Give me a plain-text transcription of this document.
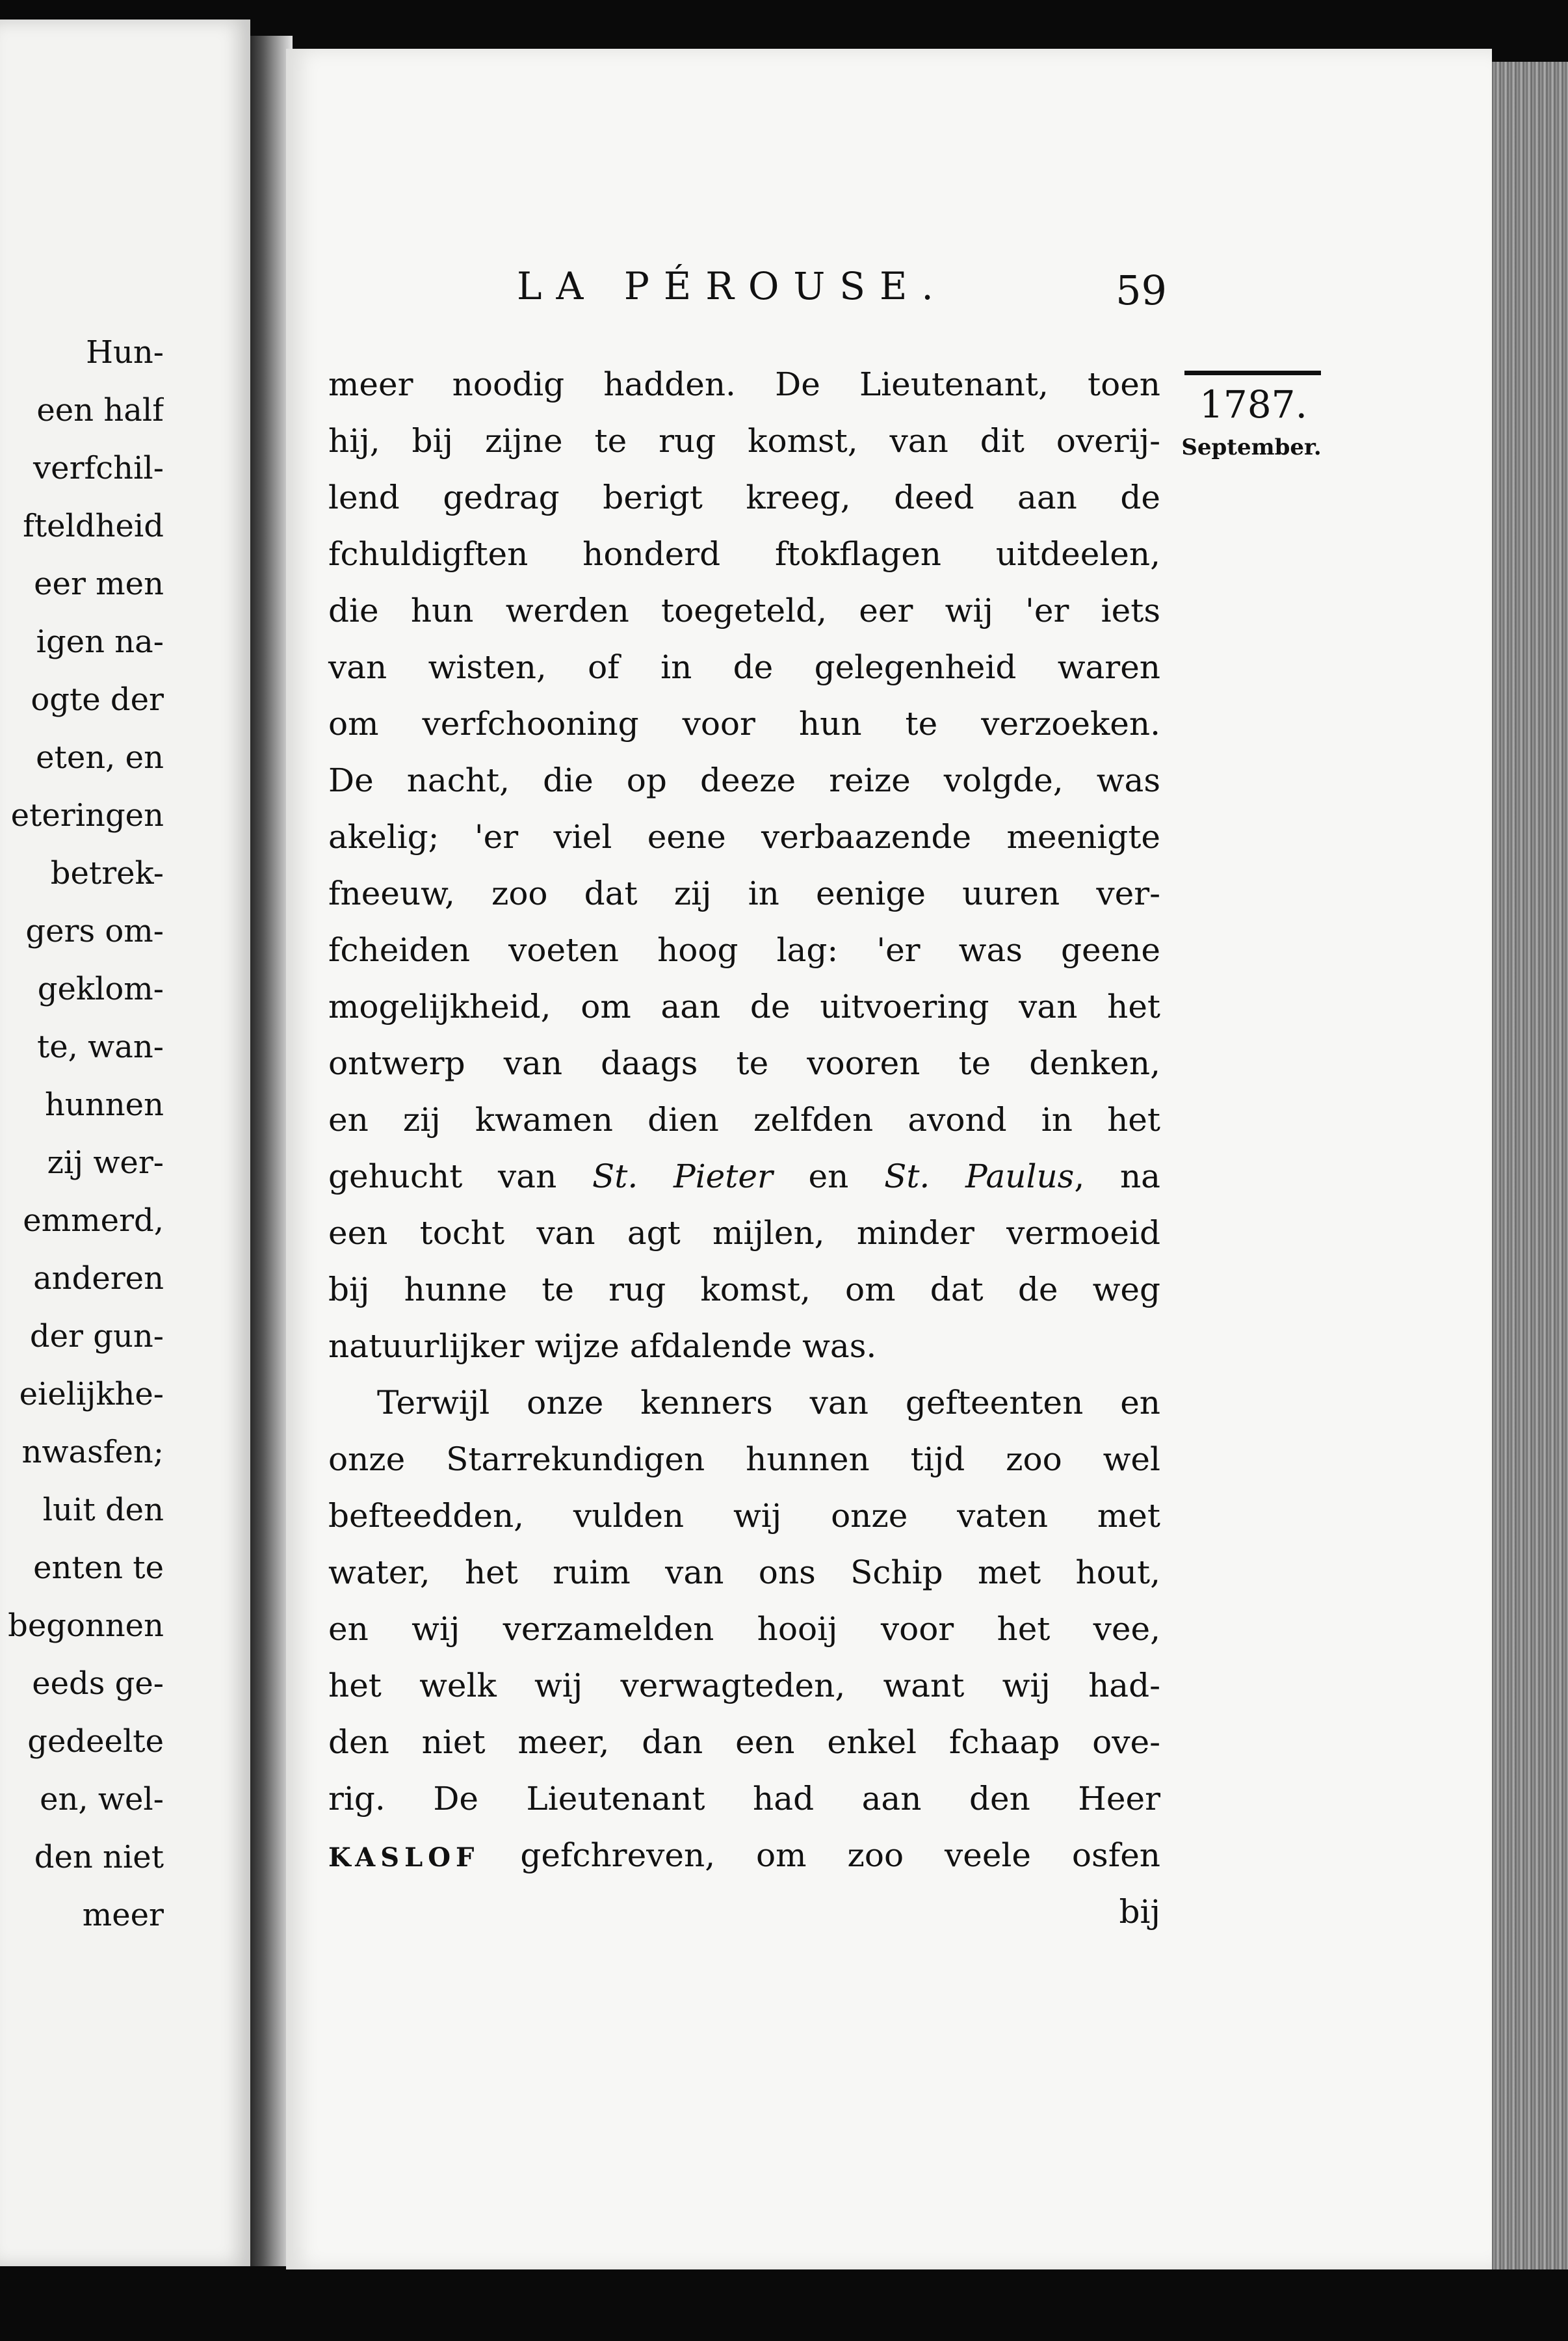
Hun-
een half
verfchil-
fteldheid
eer men
igen na-
ogte der
eten, en
eteringen
betrek-
gers om-
geklom-
te, wan-
hunnen
zij wer-
emmerd,
anderen
der gun-
eielijkhe-
nwasfen;
luit den
enten te
begonnen
eeds ge-
gedeelte
en, wel-
den niet
meer
LA PÉROUSE.	59
1787.
September.
meer noodig hadden. De Lieutenant, toen
hij, bij zijne te rug komst, van dit overij-
lend gedrag berigt kreeg, deed aan de
fchuldigften honderd ftokflagen uitdeelen,
die hun werden toegeteld, eer wij 'er iets
van wisten, of in de gelegenheid waren
om verfchooning voor hun te verzoeken.
De nacht, die op deeze reize volgde, was
akelig; 'er viel eene verbaazende meenigte
fneeuw, zoo dat zij in eenige uuren ver-
fcheiden voeten hoog lag: 'er was geene
mogelijkheid, om aan de uitvoering van het
ontwerp van daags te vooren te denken,
en zij kwamen dien zelfden avond in het
gehucht van St. Pieter en St. Paulus, na
een tocht van agt mijlen, minder vermoeid
bij hunne te rug komst, om dat de weg
natuurlijker wijze afdalende was.
Terwijl onze kenners van gefteenten en
onze Starrekundigen hunnen tijd zoo wel
befteedden, vulden wij onze vaten met
water, het ruim van ons Schip met hout,
en wij verzamelden hooij voor het vee,
het welk wij verwagteden, want wij had-
den niet meer, dan een enkel fchaap ove-
rig. De Lieutenant had aan den Heer
KASLOF gefchreven, om zoo veele osfen
bij
